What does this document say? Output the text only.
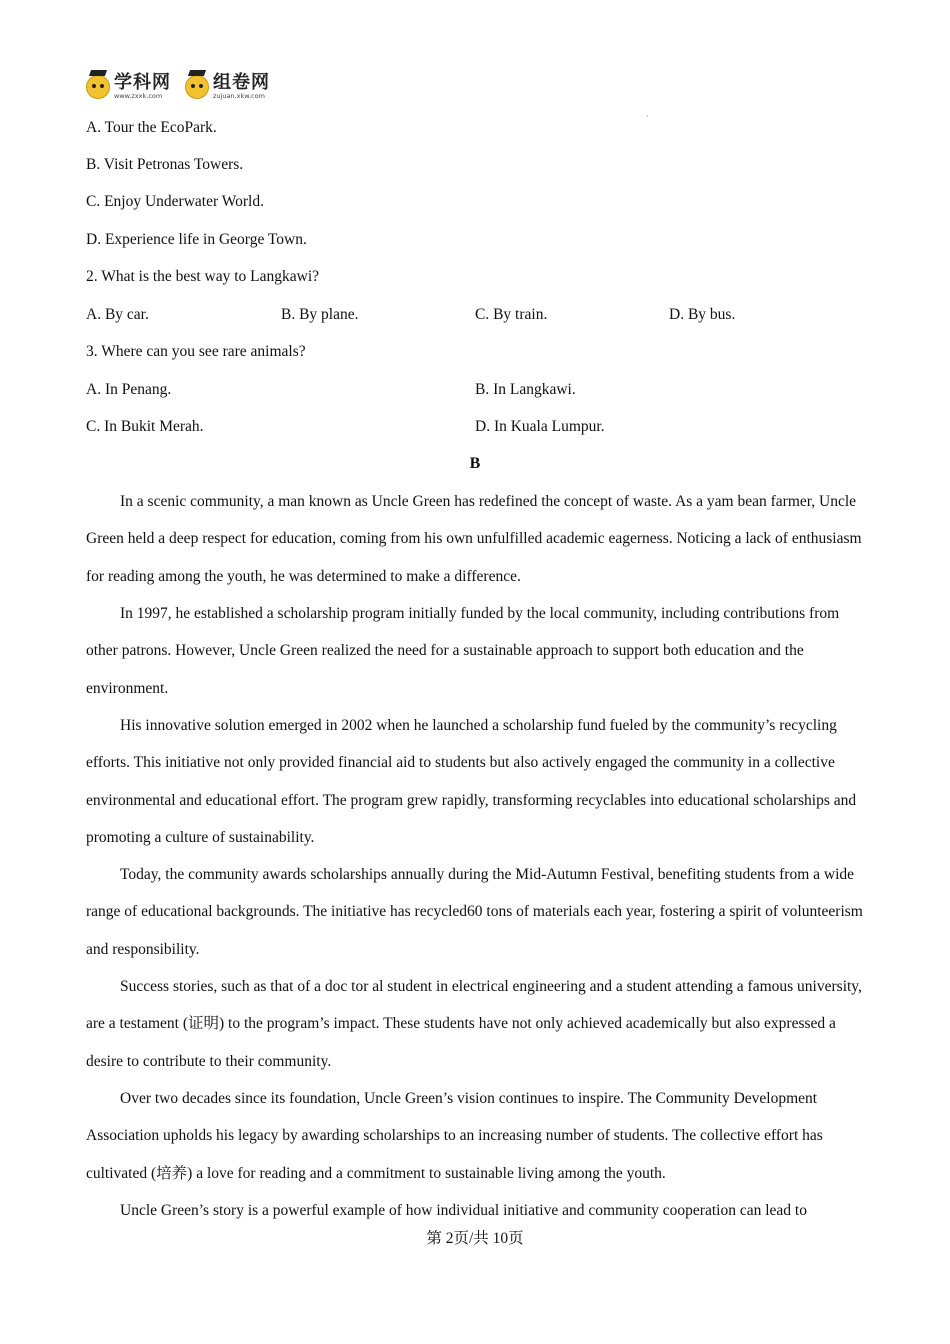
学科网
www.zxxk.com
组卷网
zujuan.xkw.com
·
A. Tour the EcoPark.
B. Visit Petronas Towers.
C. Enjoy Underwater World.
D. Experience life in George Town.
2. What is the best way to Langkawi?
A. By car.	B. By plane.	C. By train.	D. By bus.
3. Where can you see rare animals?
A. In Penang.	B. In Langkawi.
C. In Bukit Merah.	D. In Kuala Lumpur.
B

In a scenic community, a man known as Uncle Green has redefined the concept of waste. As a yam bean farmer, Uncle Green held a deep respect for education, coming from his own unfulfilled academic eagerness. Noticing a lack of enthusiasm for reading among the youth, he was determined to make a difference.

In 1997, he established a scholarship program initially funded by the local community, including contributions from other patrons. However, Uncle Green realized the need for a sustainable approach to support both education and the environment.

His innovative solution emerged in 2002 when he launched a scholarship fund fueled by the community’s recycling efforts. This initiative not only provided financial aid to students but also actively engaged the community in a collective environmental and educational effort. The program grew rapidly, transforming recyclables into educational scholarships and promoting a culture of sustainability.

Today, the community awards scholarships annually during the Mid-Autumn Festival, benefiting students from a wide range of educational backgrounds. The initiative has recycled60 tons of materials each year, fostering a spirit of volunteerism and responsibility.

Success stories, such as that of a doc tor al student in electrical engineering and a student attending a famous university, are a testament (证明) to the program’s impact. These students have not only achieved academically but also expressed a desire to contribute to their community.

Over two decades since its foundation, Uncle Green’s vision continues to inspire. The Community Development Association upholds his legacy by awarding scholarships to an increasing number of students. The collective effort has cultivated (培养) a love for reading and a commitment to sustainable living among the youth.

Uncle Green’s story is a powerful example of how individual initiative and community cooperation can lead to

第 2页/共 10页
